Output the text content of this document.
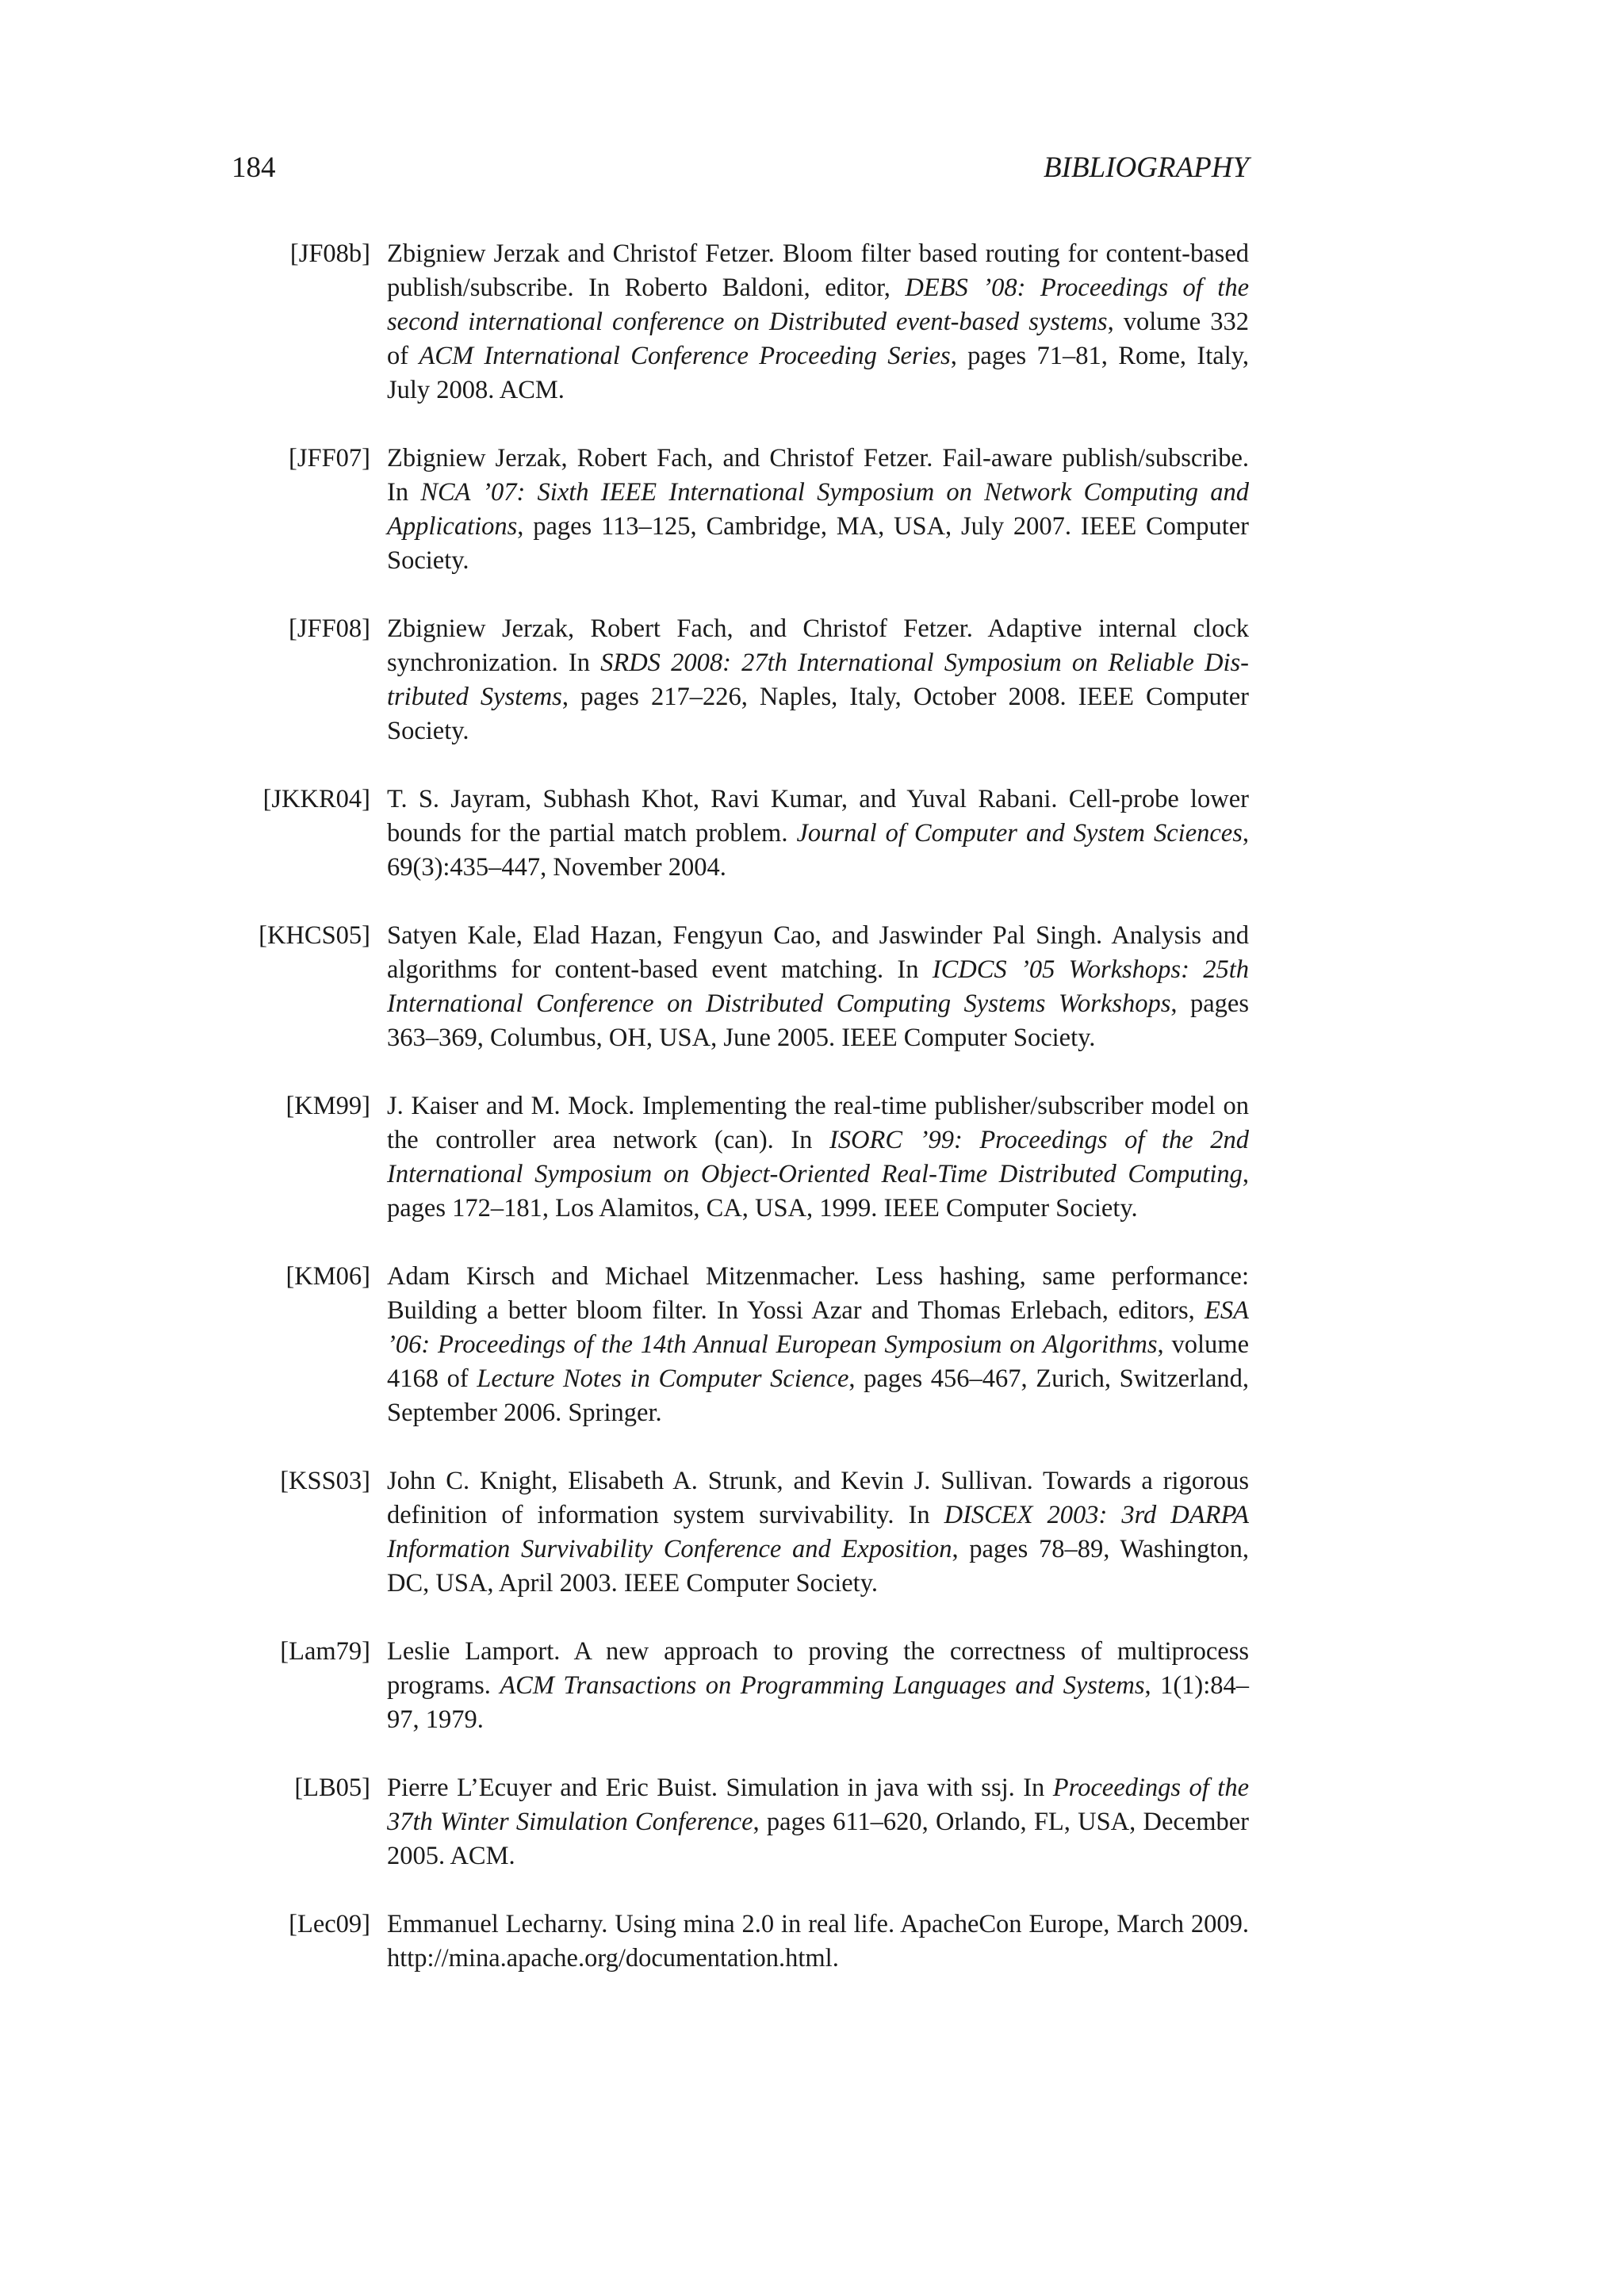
184	BIBLIOGRAPHY
[JF08b] Zbigniew Jerzak and Christof Fetzer. Bloom filter based routing for content-based publish/subscribe. In Roberto Baldoni, editor, DEBS ’08: Proceedings of the second international conference on Distributed event-based systems, volume 332 of ACM International Conference Proceeding Series, pages 71–81, Rome, Italy, July 2008. ACM.
[JFF07] Zbigniew Jerzak, Robert Fach, and Christof Fetzer. Fail-aware publish/subscribe. In NCA ’07: Sixth IEEE International Symposium on Network Computing and Applications, pages 113–125, Cambridge, MA, USA, July 2007. IEEE Computer Society.
[JFF08] Zbigniew Jerzak, Robert Fach, and Christof Fetzer. Adaptive internal clock synchronization. In SRDS 2008: 27th International Symposium on Reliable Distributed Systems, pages 217–226, Naples, Italy, October 2008. IEEE Computer Society.
[JKKR04] T. S. Jayram, Subhash Khot, Ravi Kumar, and Yuval Rabani. Cell-probe lower bounds for the partial match problem. Journal of Computer and System Sciences, 69(3):435–447, November 2004.
[KHCS05] Satyen Kale, Elad Hazan, Fengyun Cao, and Jaswinder Pal Singh. Analysis and algorithms for content-based event matching. In ICDCS ’05 Workshops: 25th International Conference on Distributed Computing Systems Workshops, pages 363–369, Columbus, OH, USA, June 2005. IEEE Computer Society.
[KM99] J. Kaiser and M. Mock. Implementing the real-time publisher/subscriber model on the controller area network (can). In ISORC ’99: Proceedings of the 2nd International Symposium on Object-Oriented Real-Time Distributed Computing, pages 172–181, Los Alamitos, CA, USA, 1999. IEEE Computer Society.
[KM06] Adam Kirsch and Michael Mitzenmacher. Less hashing, same performance: Building a better bloom filter. In Yossi Azar and Thomas Erlebach, editors, ESA ’06: Proceedings of the 14th Annual European Symposium on Algorithms, volume 4168 of Lecture Notes in Computer Science, pages 456–467, Zurich, Switzerland, September 2006. Springer.
[KSS03] John C. Knight, Elisabeth A. Strunk, and Kevin J. Sullivan. Towards a rigorous definition of information system survivability. In DISCEX 2003: 3rd DARPA Information Survivability Conference and Exposition, pages 78–89, Washington, DC, USA, April 2003. IEEE Computer Society.
[Lam79] Leslie Lamport. A new approach to proving the correctness of multiprocess programs. ACM Transactions on Programming Languages and Systems, 1(1):84–97, 1979.
[LB05] Pierre L’Ecuyer and Eric Buist. Simulation in java with ssj. In Proceedings of the 37th Winter Simulation Conference, pages 611–620, Orlando, FL, USA, December 2005. ACM.
[Lec09] Emmanuel Lecharny. Using mina 2.0 in real life. ApacheCon Europe, March 2009. http://mina.apache.org/documentation.html.
